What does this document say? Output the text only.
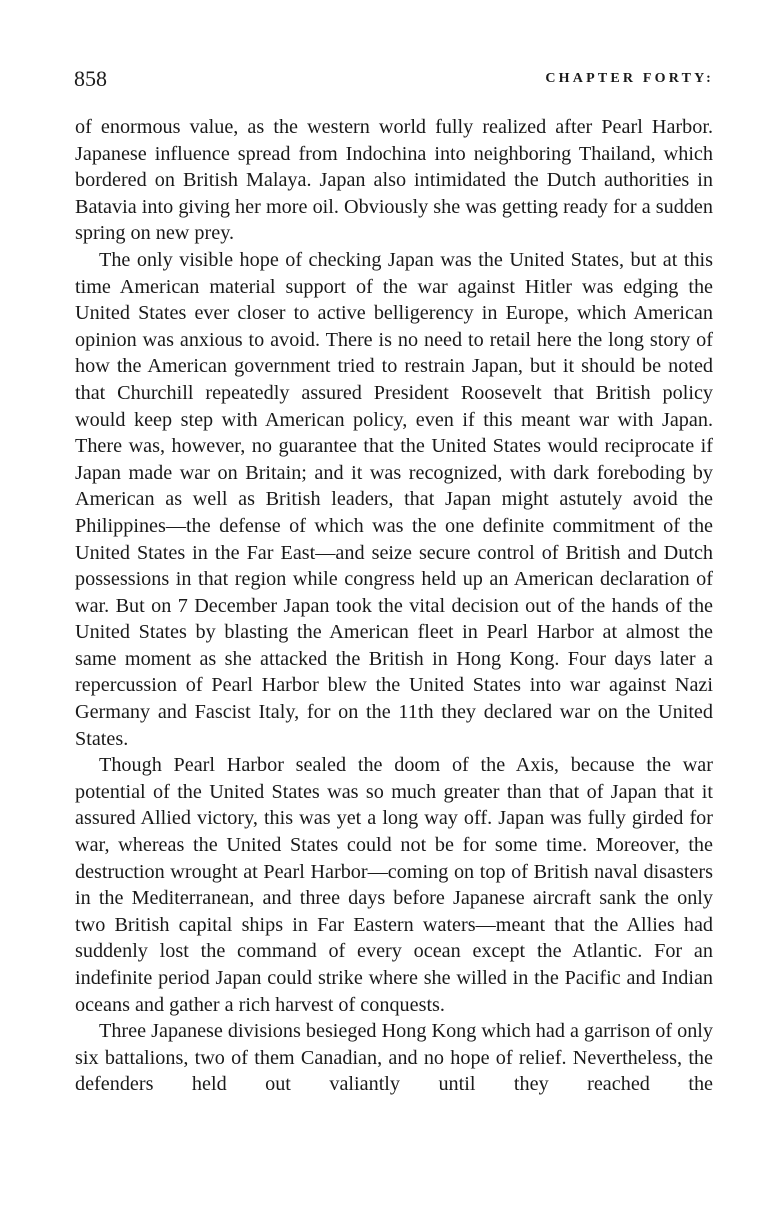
858	CHAPTER FORTY:

of enormous value, as the western world fully realized after Pearl Harbor. Japanese influence spread from Indochina into neighboring Thailand, which bordered on British Malaya. Japan also intimidated the Dutch authorities in Batavia into giving her more oil. Obviously she was getting ready for a sudden spring on new prey.

The only visible hope of checking Japan was the United States, but at this time American material support of the war against Hitler was edging the United States ever closer to active belligerency in Europe, which American opinion was anxious to avoid. There is no need to retail here the long story of how the American government tried to restrain Japan, but it should be noted that Churchill repeatedly assured President Roosevelt that British policy would keep step with American policy, even if this meant war with Japan. There was, however, no guarantee that the United States would reciprocate if Japan made war on Britain; and it was recognized, with dark foreboding by American as well as British leaders, that Japan might astutely avoid the Philippines—the defense of which was the one definite commitment of the United States in the Far East—and seize secure control of British and Dutch possessions in that region while congress held up an American declaration of war. But on 7 December Japan took the vital decision out of the hands of the United States by blasting the American fleet in Pearl Harbor at almost the same moment as she attacked the British in Hong Kong. Four days later a repercussion of Pearl Harbor blew the United States into war against Nazi Germany and Fascist Italy, for on the 11th they declared war on the United States.

Though Pearl Harbor sealed the doom of the Axis, because the war potential of the United States was so much greater than that of Japan that it assured Allied victory, this was yet a long way off. Japan was fully girded for war, whereas the United States could not be for some time. Moreover, the destruction wrought at Pearl Harbor—coming on top of British naval disasters in the Mediterranean, and three days before Japanese aircraft sank the only two British capital ships in Far Eastern waters—meant that the Allies had suddenly lost the command of every ocean except the Atlantic. For an indefinite period Japan could strike where she willed in the Pacific and Indian oceans and gather a rich harvest of conquests.

Three Japanese divisions besieged Hong Kong which had a garrison of only six battalions, two of them Canadian, and no hope of relief. Nevertheless, the defenders held out valiantly until they reached the
